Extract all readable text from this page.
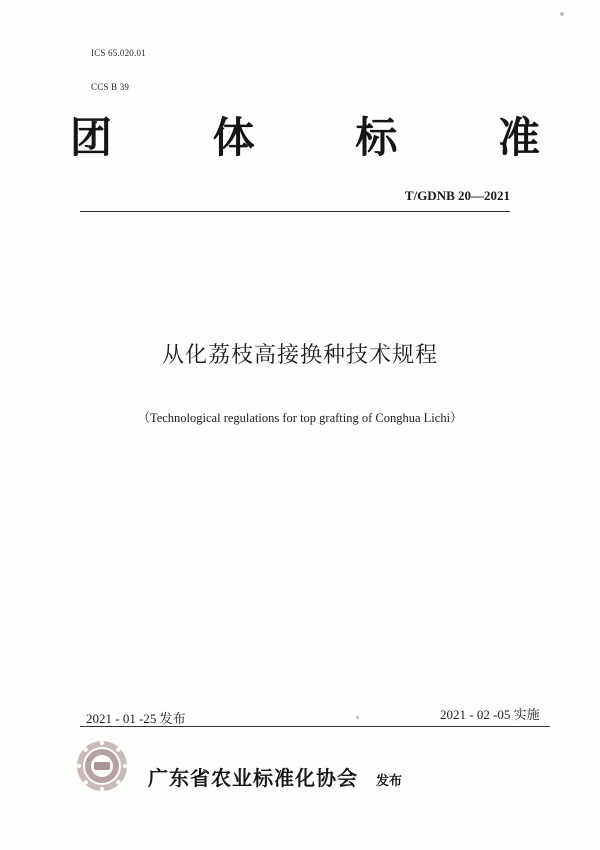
ICS 65.020.01
CCS B 39
团 体 标 准
T/GDNB 20—2021
从化荔枝高接换种技术规程
（Technological regulations for top grafting of Conghua Lichi）
2021 - 01 -25 发布	2021 - 02 -05 实施
广东省农业标准化协会 发布
